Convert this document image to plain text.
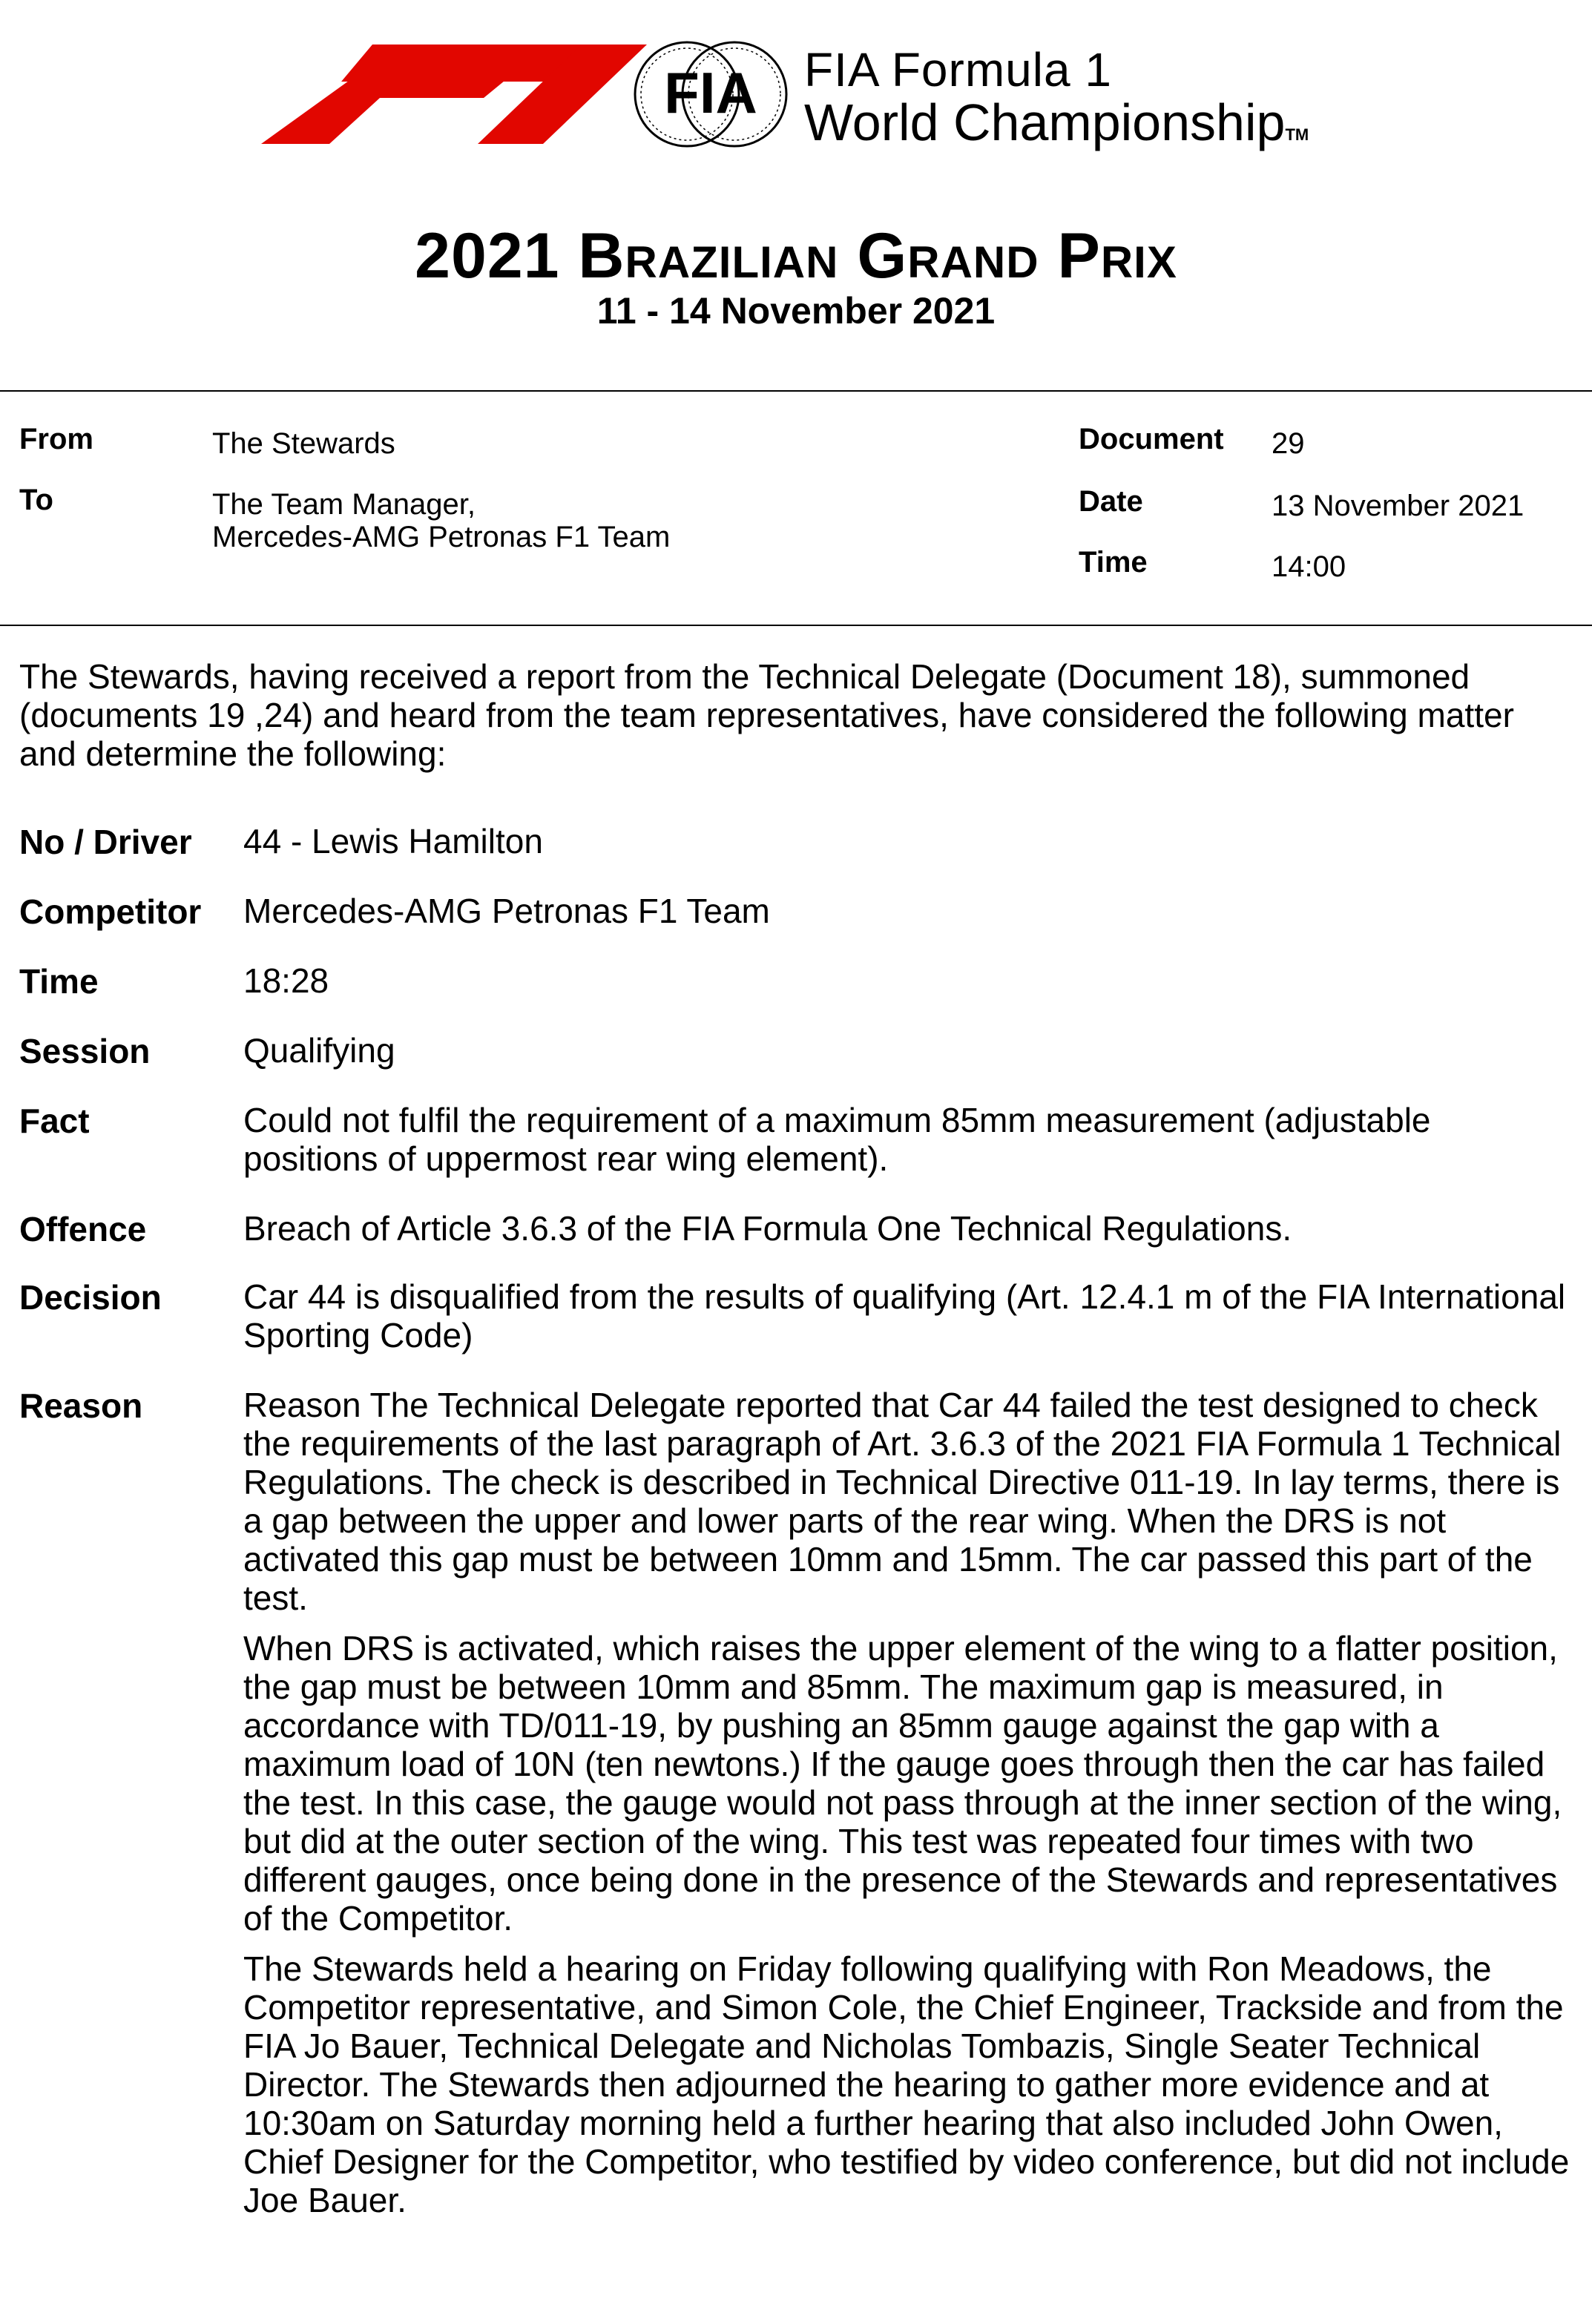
FIA FIA Formula 1
World ChampionshipTM
2021 Brazilian Grand Prix
11 - 14 November 2021
From	The Stewards
To	The Team Manager,
Mercedes-AMG Petronas F1 Team
Document 29
Date	13 November 2021
Time	14:00
The Stewards, having received a report from the Technical Delegate (Document 18), summoned (documents 19 ,24) and heard from the team representatives, have considered the following matter and determine the following:
No / Driver 44 - Lewis Hamilton
Competitor Mercedes-AMG Petronas F1 Team
Time	18:28
Session	Qualifying
Fact	Could not fulfil the requirement of a maximum 85mm measurement (adjustable positions of uppermost rear wing element).
Offence	Breach of Article 3.6.3 of the FIA Formula One Technical Regulations.
Decision Car 44 is disqualified from the results of qualifying (Art. 12.4.1 m of the FIA International Sporting Code)
Reason	Reason The Technical Delegate reported that Car 44 failed the test designed to check the requirements of the last paragraph of Art. 3.6.3 of the 2021 FIA Formula 1 Technical Regulations. The check is described in Technical Directive 011-19. In lay terms, there is a gap between the upper and lower parts of the rear wing. When the DRS is not activated this gap must be between 10mm and 15mm. The car passed this part of the test.

When DRS is activated, which raises the upper element of the wing to a flatter position, the gap must be between 10mm and 85mm. The maximum gap is measured, in accordance with TD/011-19, by pushing an 85mm gauge against the gap with a maximum load of 10N (ten newtons.) If the gauge goes through then the car has failed the test. In this case, the gauge would not pass through at the inner section of the wing, but did at the outer section of the wing. This test was repeated four times with two different gauges, once being done in the presence of the Stewards and representatives of the Competitor.

The Stewards held a hearing on Friday following qualifying with Ron Meadows, the Competitor representative, and Simon Cole, the Chief Engineer, Trackside and from the FIA Jo Bauer, Technical Delegate and Nicholas Tombazis, Single Seater Technical Director. The Stewards then adjourned the hearing to gather more evidence and at 10:30am on Saturday morning held a further hearing that also included John Owen, Chief Designer for the Competitor, who testified by video conference, but did not include Joe Bauer.
